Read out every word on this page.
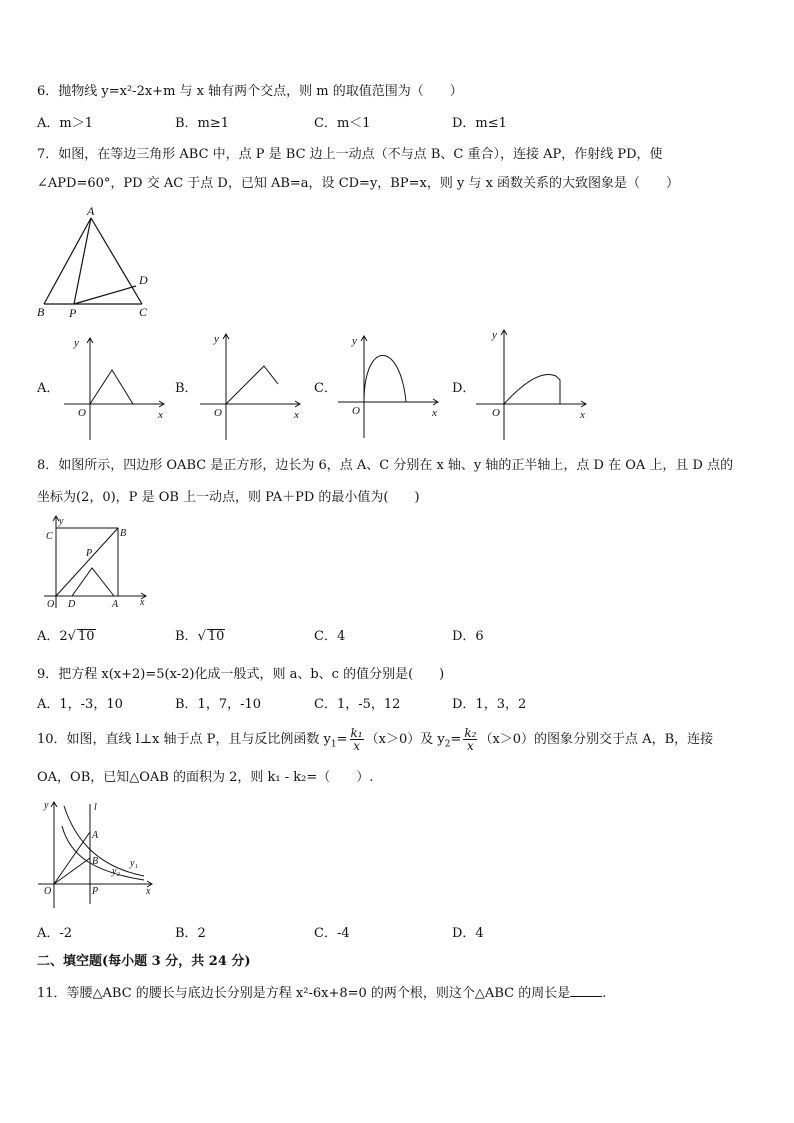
6．抛物线 y=x²-2x+m 与 x 轴有两个交点，则 m 的取值范围为（　　）
A．m＞1	B．m≥1	C．m＜1	D．m≤1
7．如图，在等边三角形 ABC 中，点 P 是 BC 边上一动点（不与点 B、C 重合），连接 AP，作射线 PD，使
∠APD=60°，PD 交 AC 于点 D，已知 AB=a，设 CD=y，BP=x，则 y 与 x 函数关系的大致图象是（　　）
A
B P	C
D
A．
y
O	x
B．
y
O	x
C．
y
O	x
D．
y
O	x
8．如图所示，四边形 OABC 是正方形，边长为 6，点 A、C 分别在 x 轴、y 轴的正半轴上，点 D 在 OA 上，且 D 点的
坐标为(2，0)，P 是 OB 上一动点，则 PA＋PD 的最小值为(　　)
y
C	B
P
O D	A x
A．2√ 10	B．√ 10	C．4	D．6
9．把方程 x(x+2)=5(x-2)化成一般式，则 a、b、c 的值分别是(　　)
A．1，-3，10	B．1，7，-10	C．1，-5，12	D．1，3，2
10．如图，直线 l⊥x 轴于点 P，且与反比例函数 $y_1= \frac{\text{k₁}}{x} (x>0)$及 $y_2= \frac{\text{k₂}}{x} (x>0)$的图象分别交于点 A，B，连接
OA，OB，已知△OAB 的面积为 2，则 k₁ - k₂=（　　）.
y	l
A
B	y₁
y₂
O	P	x
A．-2	B．2	C．-4	D．4
二、填空题(每小题 3 分，共 24 分)
11．等腰△ABC 的腰长与底边长分别是方程 x²-6x+8=0 的两个根，则这个△ABC 的周长是 .
